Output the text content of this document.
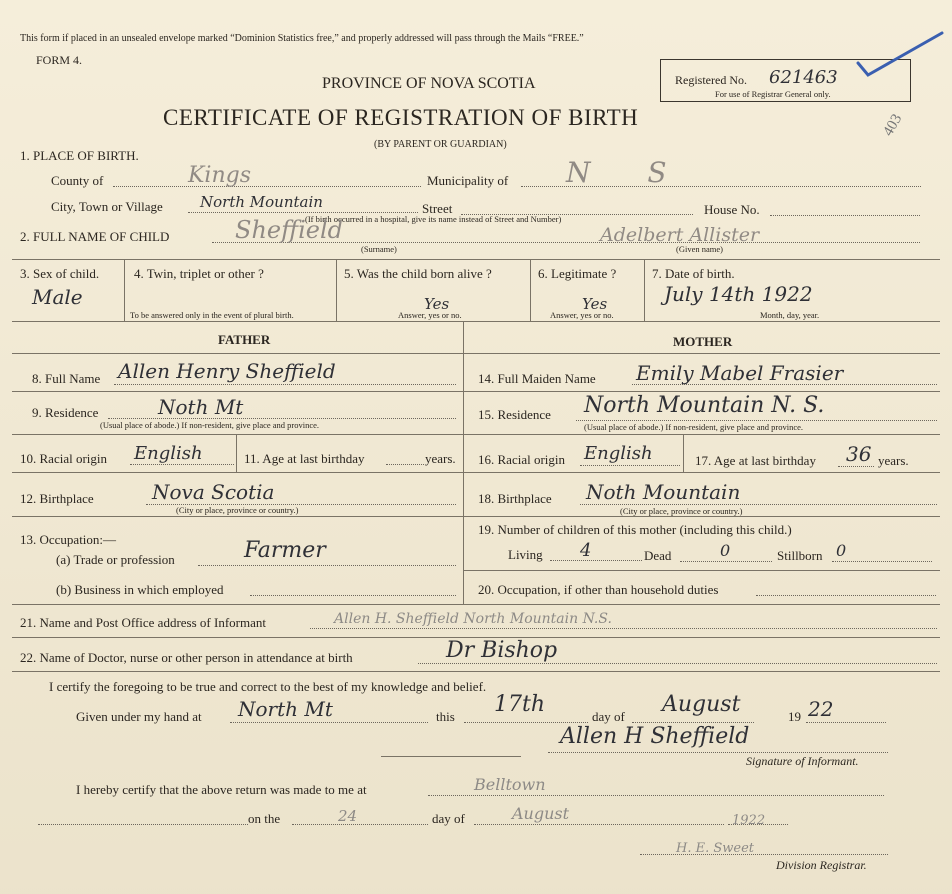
This form if placed in an unsealed envelope marked “Dominion Statistics free,” and properly addressed will pass through the Mails “FREE.”
FORM 4.
PROVINCE OF NOVA SCOTIA
CERTIFICATE OF REGISTRATION OF BIRTH
(BY PARENT OR GUARDIAN)
Registered No. 621463
For use of Registrar General only.
403
1. PLACE OF BIRTH.
County of	Kings	Municipality of N S
City, Town or Village North Mountain	Street
(If birth occurred in a hospital, give its name instead of Street and Number)
House No.
2. FULL NAME OF CHILD	Sheffield
(Surname)
Adelbert Allister
(Given name)
3. Sex of child.
Male
4. Twin, triplet or other ?
To be answered only in the event of plural birth.
5. Was the child born alive ?
Yes
Answer, yes or no.
6. Legitimate ?
Yes
Answer, yes or no.
7. Date of birth.
July 14th 1922
Month, day, year.
FATHER	MOTHER
8. Full Name Allen Henry Sheffield	14. Full Maiden Name Emily Mabel Frasier
9. Residence	Noth Mt
(Usual place of abode.) If non-resident, give place and province.
15. Residence North Mountain N. S.
(Usual place of abode.) If non-resident, give place and province.
10. Racial origin English	11. Age at last birthday	years. 16. Racial origin English	17. Age at last birthday 36 years.
12. Birthplace	Nova Scotia
(City or place, province or country.)
18. Birthplace Noth Mountain
(City or place, province or country.)
13. Occupation:—
(a) Trade or profession	Farmer
(b) Business in which employed
19. Number of children of this mother (including this child.)
Living 4	Dead	0	Stillborn 0
20. Occupation, if other than household duties
21. Name and Post Office address of Informant	Allen H. Sheffield North Mountain N.S.
22. Name of Doctor, nurse or other person in attendance at birth	Dr Bishop
I certify the foregoing to be true and correct to the best of my knowledge and belief.
Given under my hand at North Mt	this 17th	day of August	19 22
Allen H Sheffield
Signature of Informant.
I hereby certify that the above return was made to me at	Belltown
on the	24	day of	August	1922
H. E. Sweet
Division Registrar.
